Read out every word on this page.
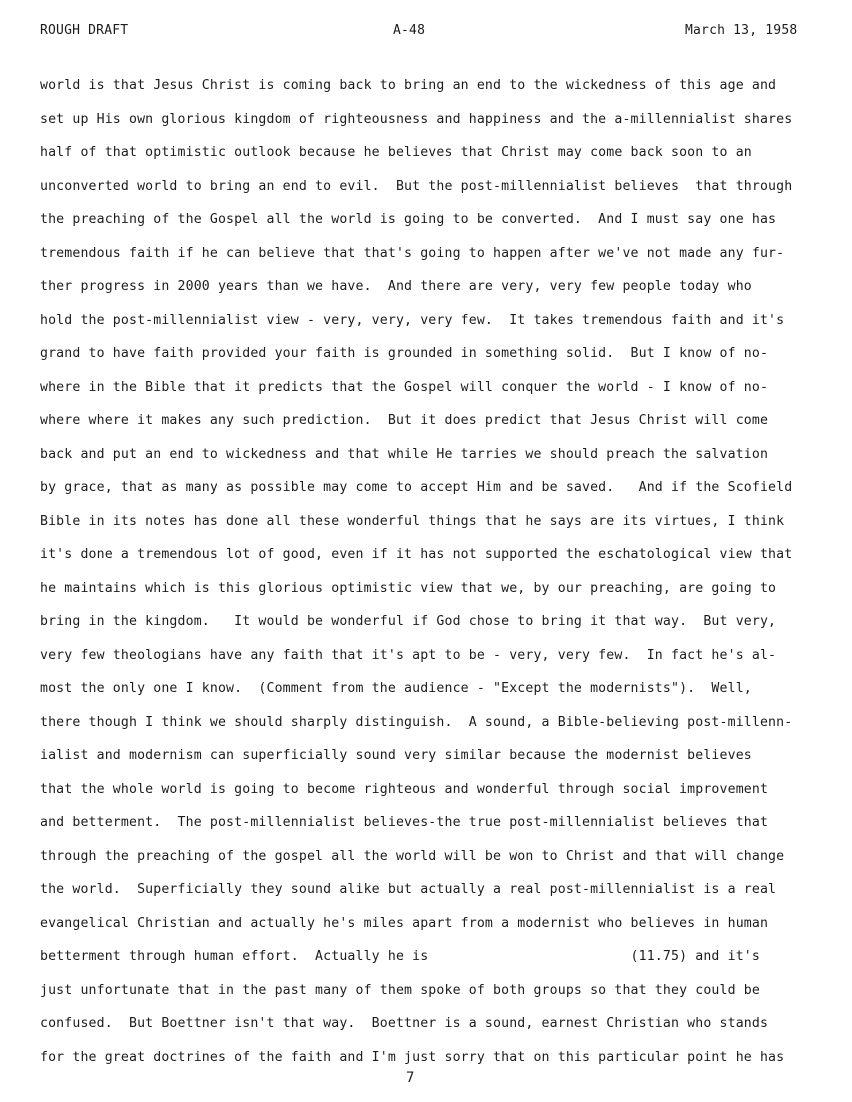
ROUGH DRAFT	A-48	March 13, 1958
world is that Jesus Christ is coming back to bring an end to the wickedness of this age and
set up His own glorious kingdom of righteousness and happiness and the a-millennialist shares
half of that optimistic outlook because he believes that Christ may come back soon to an
unconverted world to bring an end to evil.  But the post-millennialist believes  that through
the preaching of the Gospel all the world is going to be converted.  And I must say one has
tremendous faith if he can believe that that's going to happen after we've not made any fur-
ther progress in 2000 years than we have.  And there are very, very few people today who
hold the post-millennialist view - very, very, very few.  It takes tremendous faith and it's
grand to have faith provided your faith is grounded in something solid.  But I know of no-
where in the Bible that it predicts that the Gospel will conquer the world - I know of no-
where where it makes any such prediction.  But it does predict that Jesus Christ will come
back and put an end to wickedness and that while He tarries we should preach the salvation
by grace, that as many as possible may come to accept Him and be saved.   And if the Scofield
Bible in its notes has done all these wonderful things that he says are its virtues, I think
it's done a tremendous lot of good, even if it has not supported the eschatological view that
he maintains which is this glorious optimistic view that we, by our preaching, are going to
bring in the kingdom.   It would be wonderful if God chose to bring it that way.  But very,
very few theologians have any faith that it's apt to be - very, very few.  In fact he's al-
most the only one I know.  (Comment from the audience - "Except the modernists").  Well,
there though I think we should sharply distinguish.  A sound, a Bible-believing post-millenn-
ialist and modernism can superficially sound very similar because the modernist believes
that the whole world is going to become righteous and wonderful through social improvement
and betterment.  The post-millennialist believes-the true post-millennialist believes that
through the preaching of the gospel all the world will be won to Christ and that will change
the world.  Superficially they sound alike but actually a real post-millennialist is a real
evangelical Christian and actually he's miles apart from a modernist who believes in human
betterment through human effort.  Actually he is                         (11.75) and it's
just unfortunate that in the past many of them spoke of both groups so that they could be
confused.  But Boettner isn't that way.  Boettner is a sound, earnest Christian who stands
for the great doctrines of the faith and I'm just sorry that on this particular point he has
7
